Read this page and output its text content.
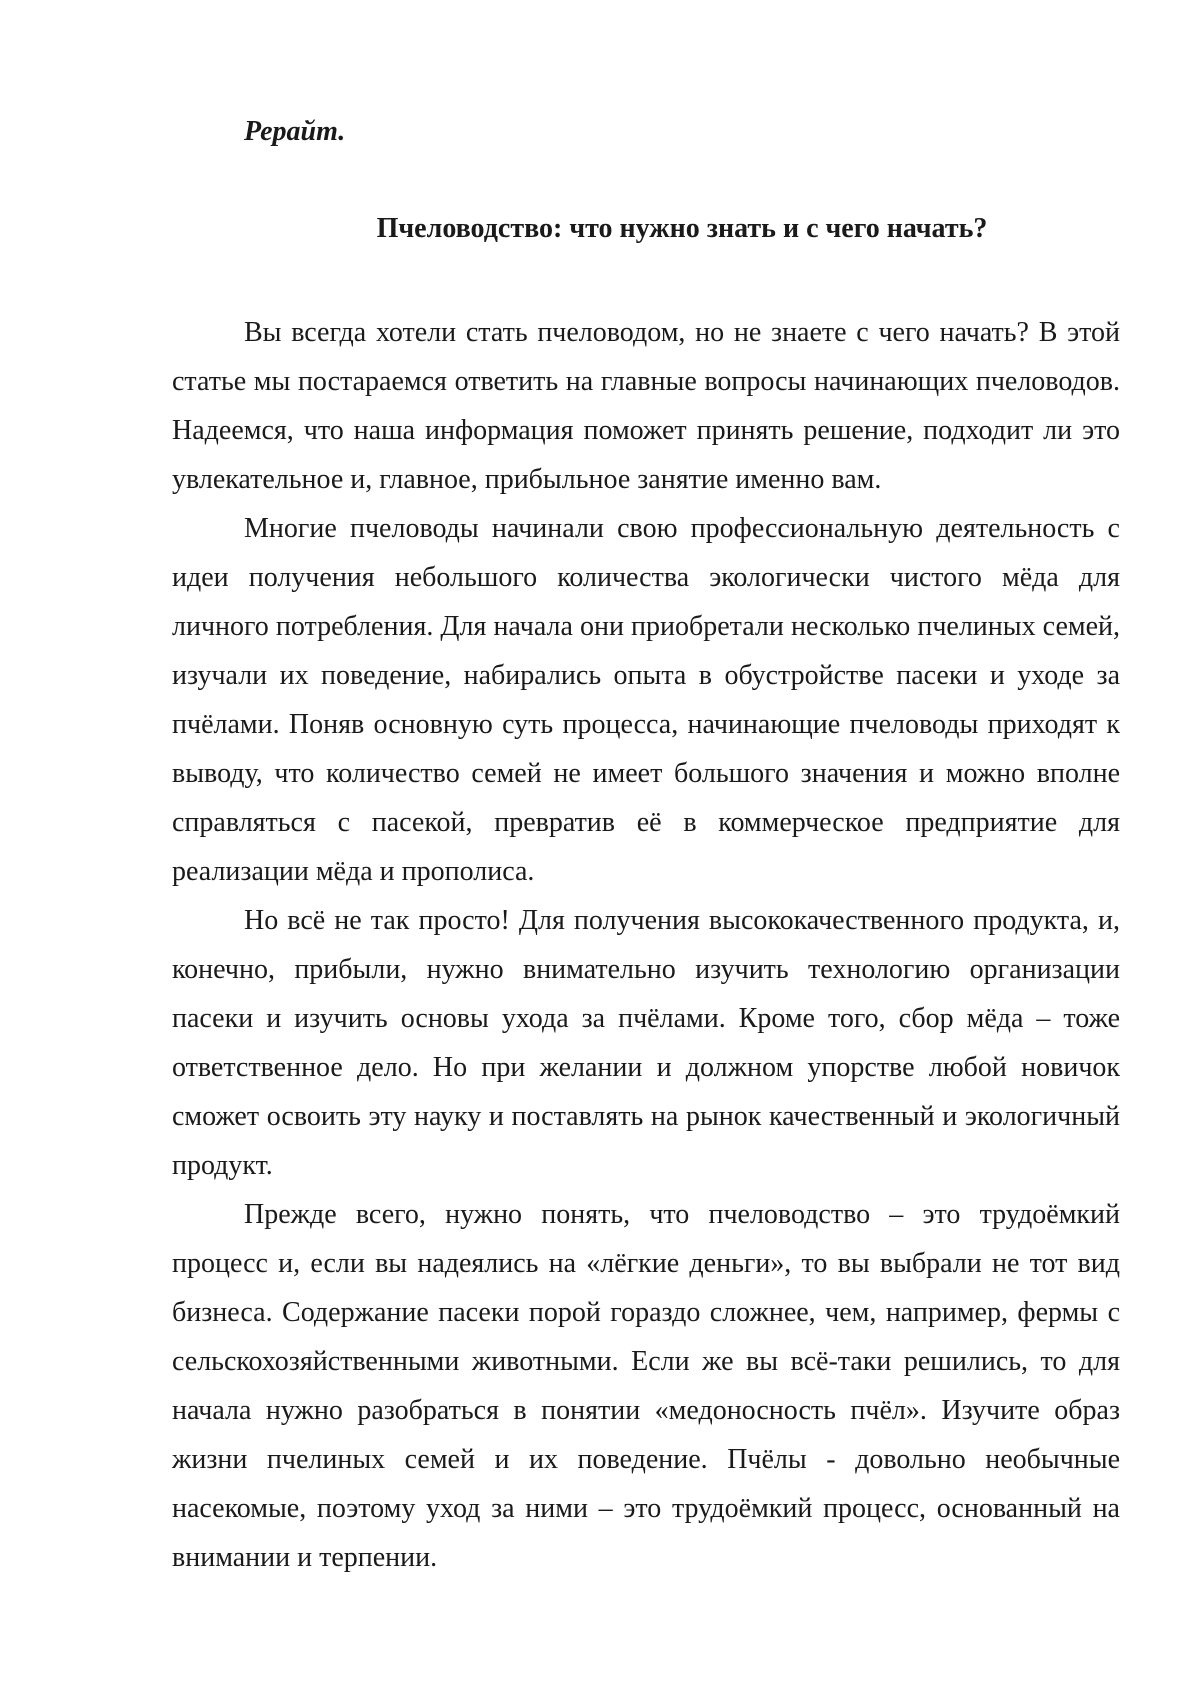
Рерайт.

Пчеловодство: что нужно знать и с чего начать?

Вы всегда хотели стать пчеловодом, но не знаете с чего начать? В этой статье мы постараемся ответить на главные вопросы начинающих пчеловодов. Надеемся, что наша информация поможет принять решение, подходит ли это увлекательное и, главное, прибыльное занятие именно вам.

Многие пчеловоды начинали свою профессиональную деятельность с идеи получения небольшого количества экологически чистого мёда для личного потребления. Для начала они приобретали несколько пчелиных семей, изучали их поведение, набирались опыта в обустройстве пасеки и уходе за пчёлами. Поняв основную суть процесса, начинающие пчеловоды приходят к выводу, что количество семей не имеет большого значения и можно вполне справляться с пасекой, превратив её в коммерческое предприятие для реализации мёда и прополиса.

Но всё не так просто! Для получения высококачественного продукта, и, конечно, прибыли, нужно внимательно изучить технологию организации пасеки и изучить основы ухода за пчёлами. Кроме того, сбор мёда – тоже ответственное дело. Но при желании и должном упорстве любой новичок сможет освоить эту науку и поставлять на рынок качественный и экологичный продукт.

Прежде всего, нужно понять, что пчеловодство – это трудоёмкий процесс и, если вы надеялись на «лёгкие деньги», то вы выбрали не тот вид бизнеса. Содержание пасеки порой гораздо сложнее, чем, например, фермы с сельскохозяйственными животными. Если же вы всё-таки решились, то для начала нужно разобраться в понятии «медоносность пчёл». Изучите образ жизни пчелиных семей и их поведение. Пчёлы - довольно необычные насекомые, поэтому уход за ними – это трудоёмкий процесс, основанный на внимании и терпении.
